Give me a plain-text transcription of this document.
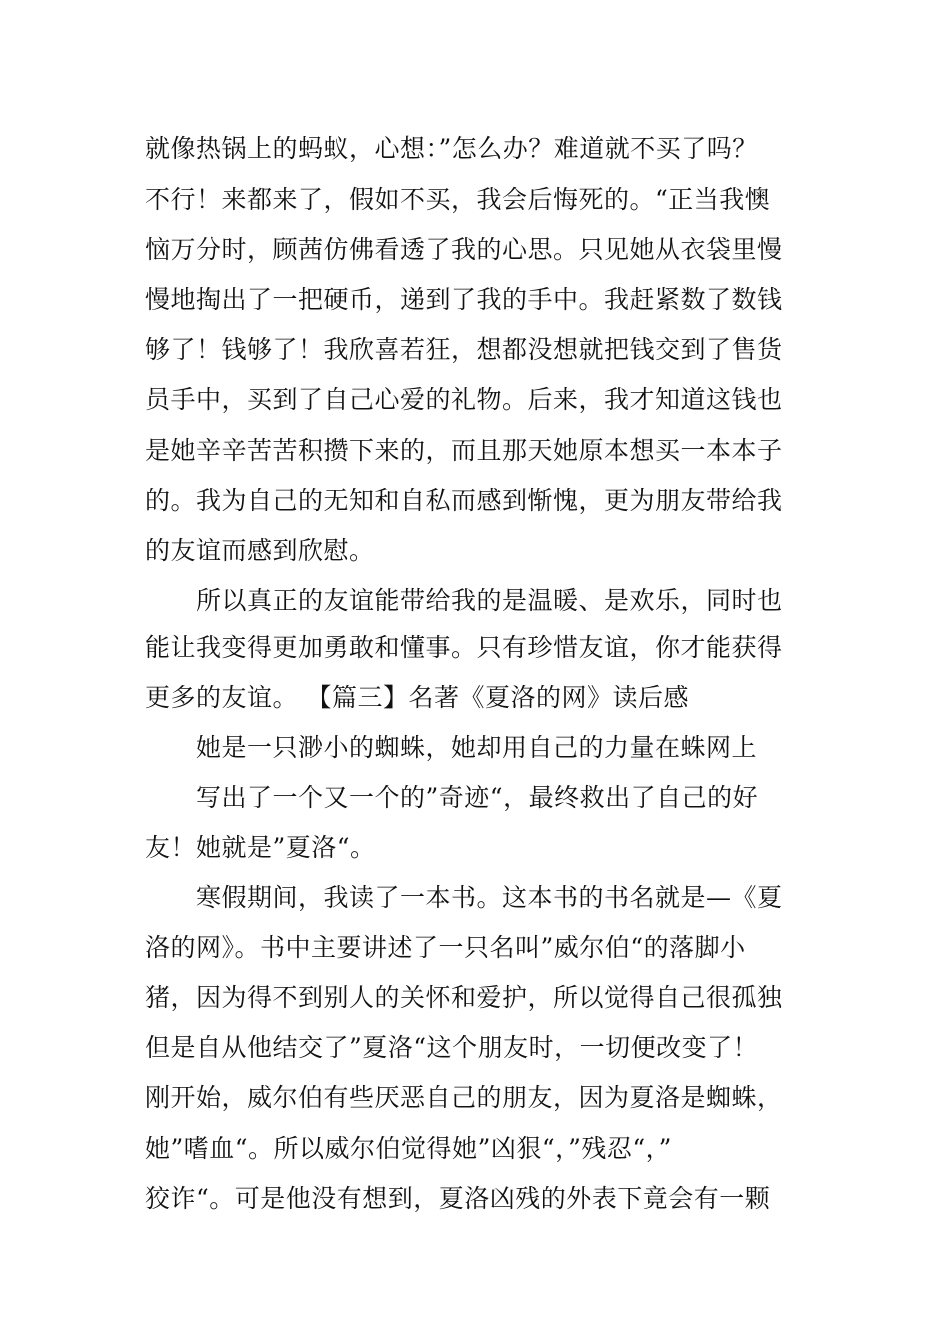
就像热锅上的蚂蚁，心想：”怎么办？难道就不买了吗？
不行！来都来了，假如不买，我会后悔死的。“正当我懊
恼万分时，顾茜仿佛看透了我的心思。只见她从衣袋里慢
慢地掏出了一把硬币，递到了我的手中。我赶紧数了数钱
够了！钱够了！我欣喜若狂，想都没想就把钱交到了售货
员手中，买到了自己心爱的礼物。后来，我才知道这钱也
是她辛辛苦苦积攒下来的，而且那天她原本想买一本本子
的。我为自己的无知和自私而感到惭愧，更为朋友带给我
的友谊而感到欣慰。
所以真正的友谊能带给我的是温暖、是欢乐，同时也
能让我变得更加勇敢和懂事。只有珍惜友谊，你才能获得
更多的友谊。 【篇三】名著《夏洛的网》读后感
她是一只渺小的蜘蛛，她却用自己的力量在蛛网上
写出了一个又一个的”奇迹“，最终救出了自己的好
友！她就是”夏洛“。
寒假期间，我读了一本书。这本书的书名就是—《夏
洛的网》。书中主要讲述了一只名叫”威尔伯“的落脚小
猪，因为得不到别人的关怀和爱护，所以觉得自己很孤独
但是自从他结交了”夏洛“这个朋友时，一切便改变了！
刚开始，威尔伯有些厌恶自己的朋友，因为夏洛是蜘蛛，
她”嗜血“。所以威尔伯觉得她”凶狠“，”残忍“，”
狡诈“。可是他没有想到，夏洛凶残的外表下竟会有一颗
